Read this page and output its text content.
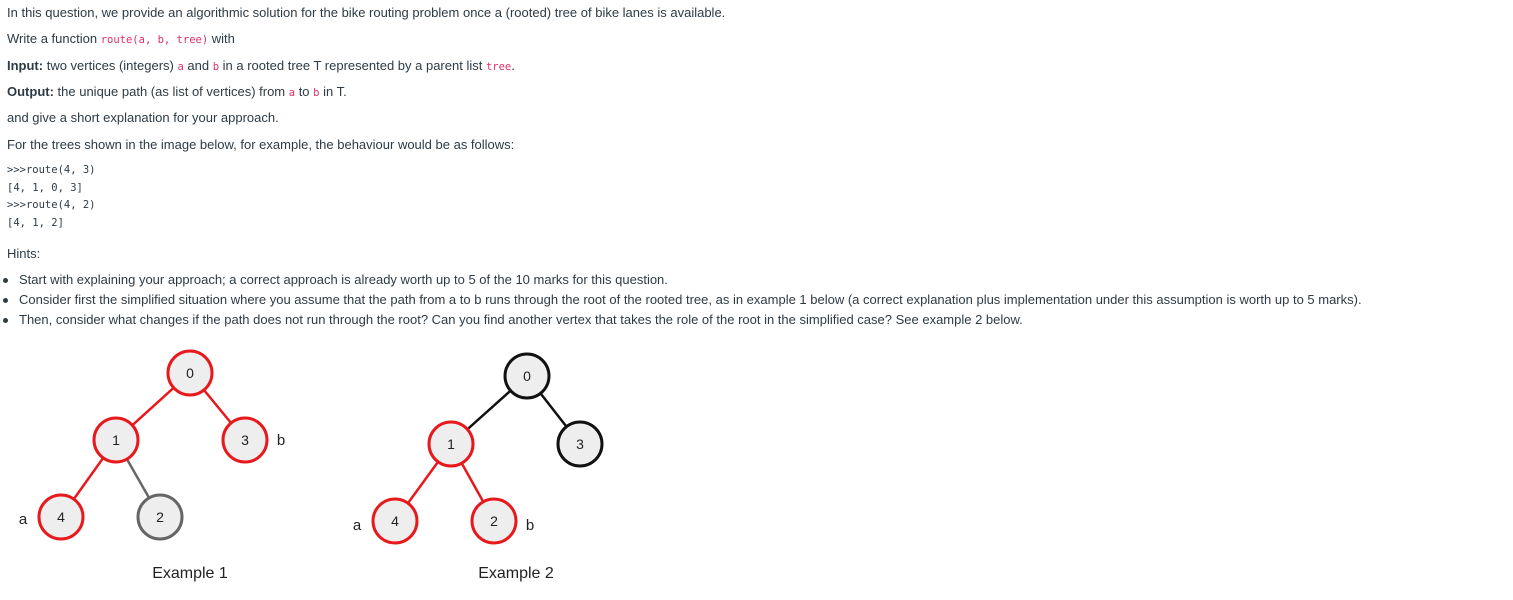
In this question, we provide an algorithmic solution for the bike routing problem once a (rooted) tree of bike lanes is available.

Write a function route(a, b, tree) with

Input: two vertices (integers) a and b in a rooted tree T represented by a parent list tree.

Output: the unique path (as list of vertices) from a to b in T.

and give a short explanation for your approach.

For the trees shown in the image below, for example, the behaviour would be as follows:

>>>route(4, 3)
[4, 1, 0, 3]
>>>route(4, 2)
[4, 1, 2]

Hints:

Start with explaining your approach; a correct approach is already worth up to 5 of the 10 marks for this question.
Consider first the simplified situation where you assume that the path from a to b runs through the root of the rooted tree, as in example 1 below (a correct explanation plus implementation under this assumption is worth up to 5 marks).
Then, consider what changes if the path does not run through the root? Can you find another vertex that takes the role of the root in the simplified case? See example 2 below.
0
1	3
4	2
a
b
Example 1
0
1	3
4	2
a	b
Example 2
